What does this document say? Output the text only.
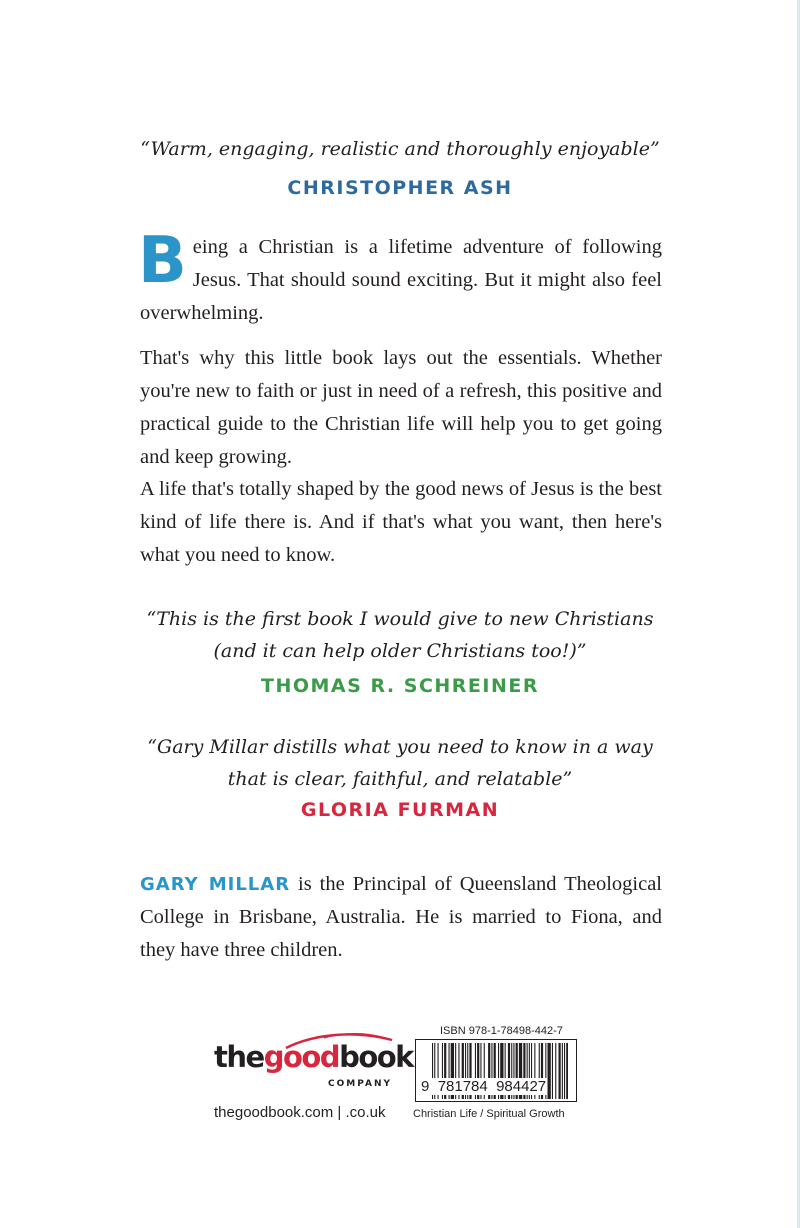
“Warm, engaging, realistic and thoroughly enjoyable”
CHRISTOPHER ASH

Being a Christian is a lifetime adventure of following Jesus. That should sound exciting. But it might also feel overwhelming.

That's why this little book lays out the essentials. Whether you're new to faith or just in need of a refresh, this positive and practical guide to the Christian life will help you to get going and keep growing.

A life that's totally shaped by the good news of Jesus is the best kind of life there is. And if that's what you want, then here's what you need to know.

“This is the first book I would give to new Christians
(and it can help older Christians too!)”
THOMAS R. SCHREINER
“Gary Millar distills what you need to know in a way
that is clear, faithful, and relatable”
GLORIA FURMAN
GARY MILLAR is the Principal of Queensland Theological College in Brisbane, Australia. He is married to Fiona, and they have three children.
thegoodbook
COMPANY
thegoodbook.com | .co.uk
ISBN 978-1-78498-442-7
9 781784 984427
Christian Life / Spiritual Growth
